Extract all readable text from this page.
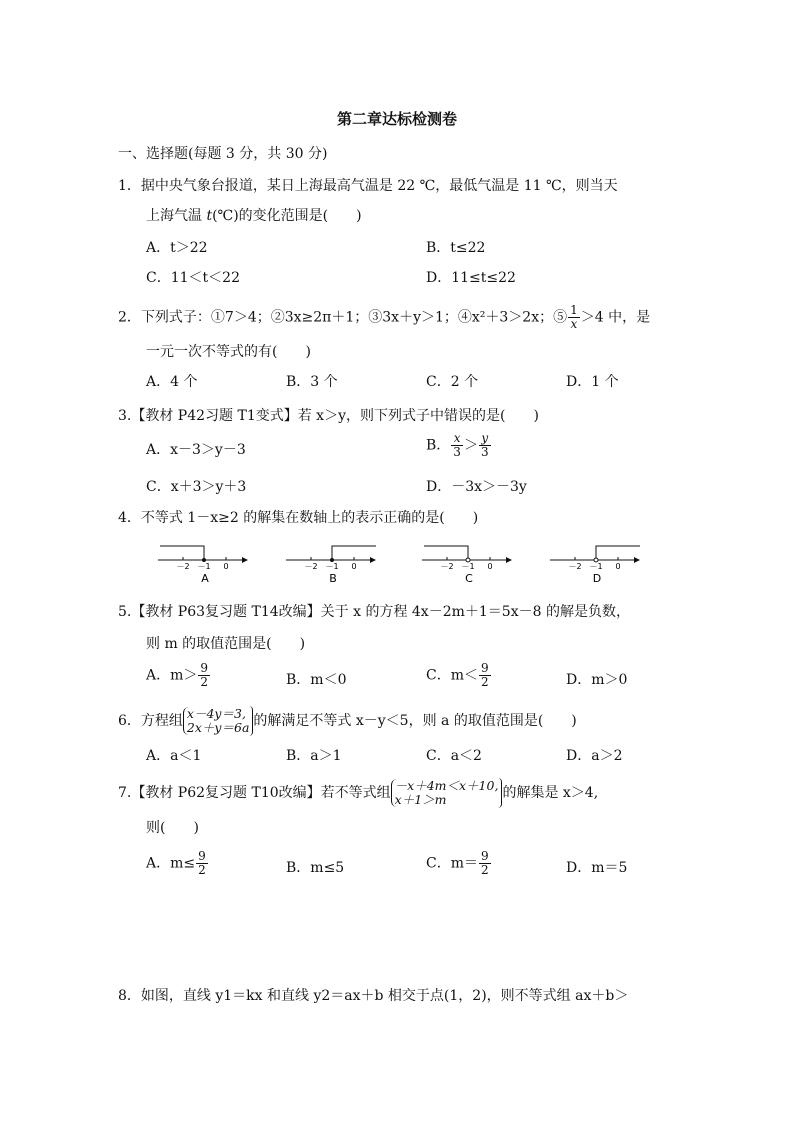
第二章达标检测卷
一、选择题(每题 3 分，共 30 分)
1．据中央气象台报道，某日上海最高气温是 22 ℃，最低气温是 11 ℃，则当天
上海气温 t(℃)的变化范围是(　　)
A．t＞22	B．t≤22
C．11＜t＜22	D．11≤t≤22
2．下列式子：①7＞4；②3x≥2π＋1；③3x＋y＞1；④x²＋3＞2x；⑤ $\frac{1}{x} >4$ 中，是
一元一次不等式的有(　　)
A．4 个	B．3 个	C．2 个	D．1 个
3.【教材 P42习题 T1变式】若 x＞y，则下列式子中错误的是(　　)
A．x－3＞y－3	B． $\frac{x}{3} > \frac{y}{3}$
C．x＋3＞y＋3	D．－3x＞－3y
4．不等式 1－x≥2 的解集在数轴上的表示正确的是(　　)
－2 －1 0
A
－2 －1 0
B
－2 －1 0
C
－2 －1 0
D
5.【教材 P63复习题 T14改编】关于 x 的方程 4x－2m＋1＝5x－8 的解是负数，
则 m 的取值范围是(　　)
A．$m> \frac{9}{2}$	B．m＜0	C．$m< \frac{9}{2}$	D．m＞0
6．方程组 x－4y＝3,
2x＋y＝6a 的解满足不等式 x－y＜5，则 a 的取值范围是(　　)
A．a＜1	B．a＞1	C．a＜2	D．a＞2
7.【教材 P62复习题 T10改编】若不等式组 －x＋4m＜x＋10,
x＋1＞m	的解集是 x＞4,
则(　　)
A．$m\le \frac{9}{2}$	B．m≤5	C．$m= \frac{9}{2}$	D．m＝5
8．如图，直线 y1＝kx 和直线 y2＝ax＋b 相交于点(1，2)，则不等式组 ax＋b＞
